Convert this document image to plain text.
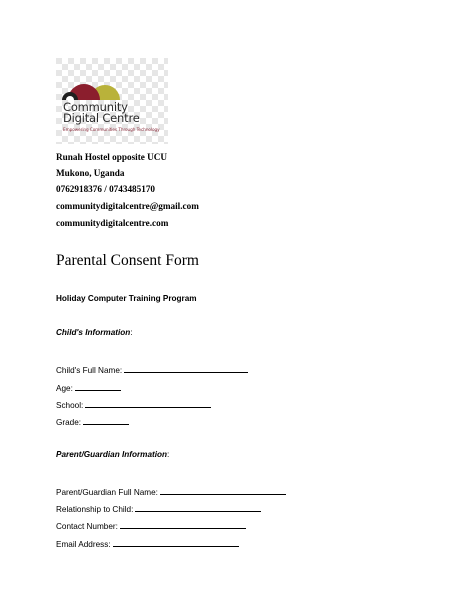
Community
Digital Centre
Empowering Communities Through Technology
Runah Hostel opposite UCU
Mukono, Uganda
0762918376 / 0743485170
communitydigitalcentre@gmail.com
communitydigitalcentre.com
Parental Consent Form
Holiday Computer Training Program
Child's Information:
Child's Full Name:
Age:
School:
Grade:
Parent/Guardian Information:
Parent/Guardian Full Name:
Relationship to Child:
Contact Number:
Email Address:
